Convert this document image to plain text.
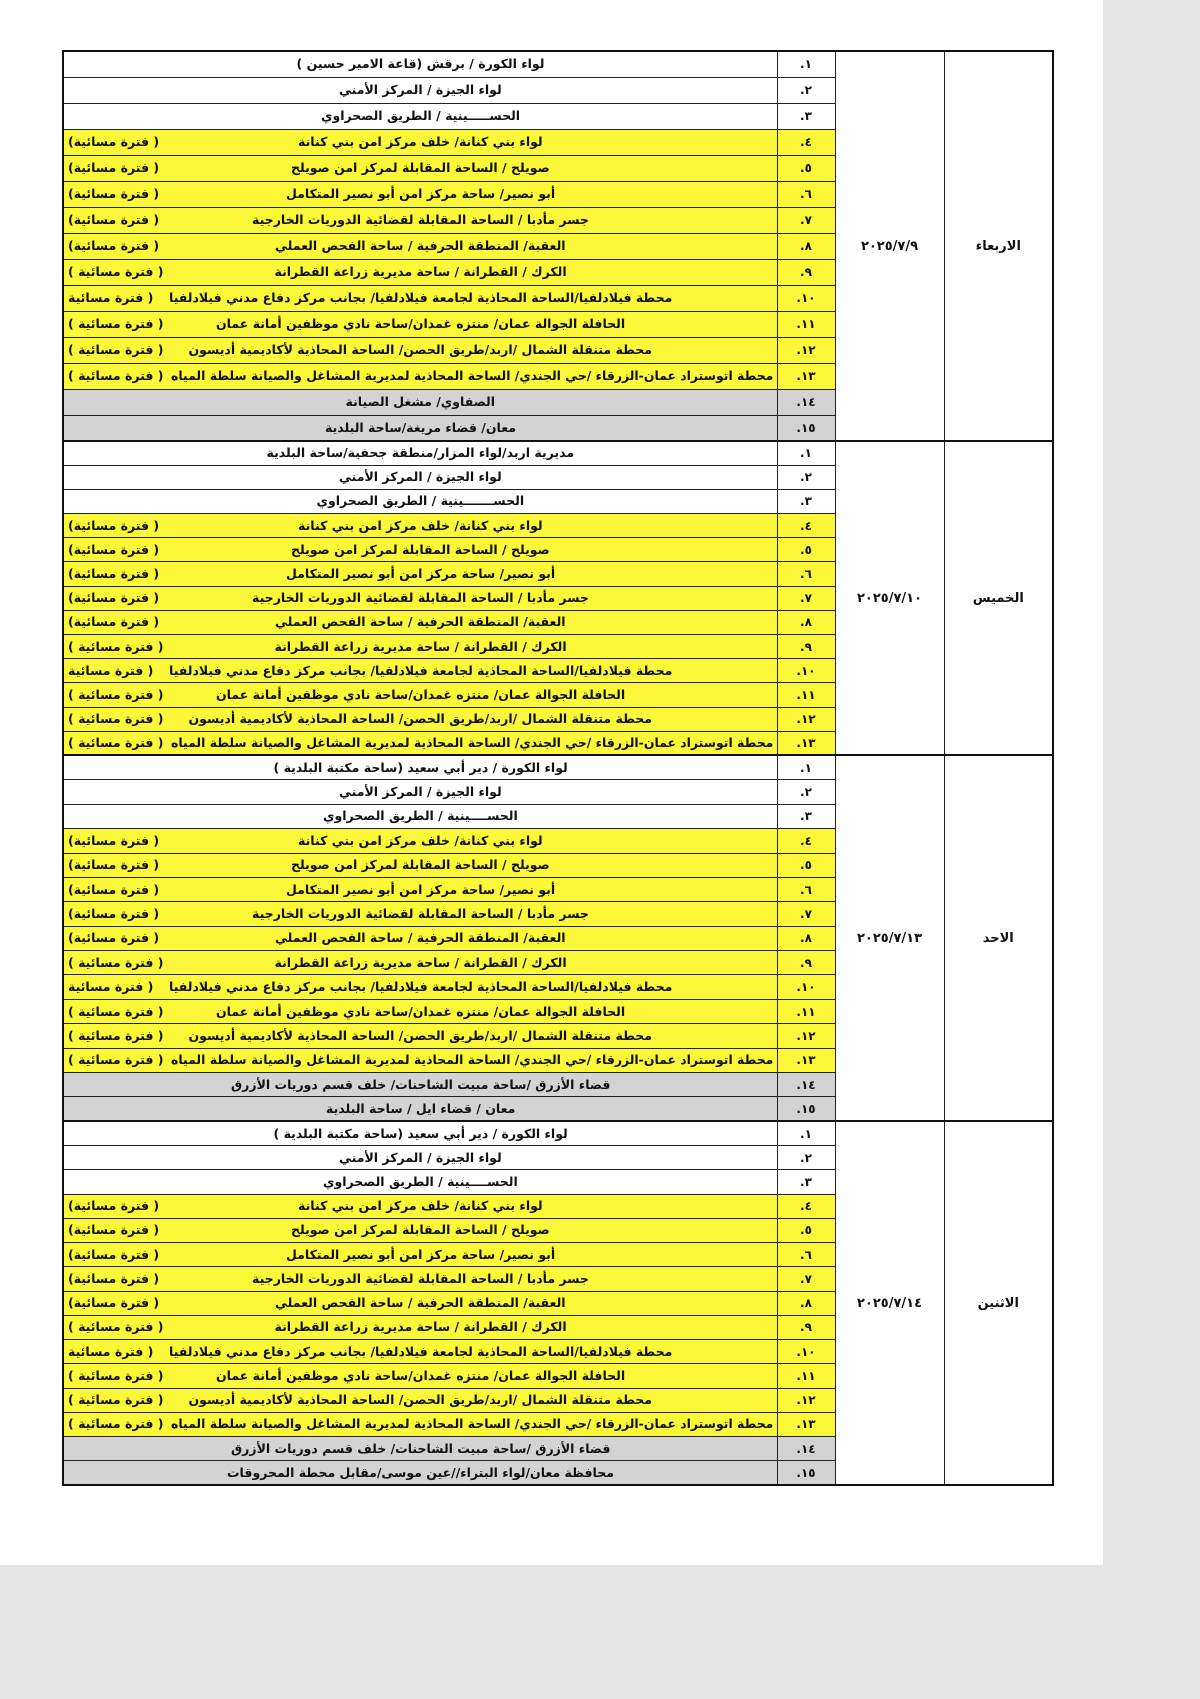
لواء الكورة / برقش (قاعة الامير حسين )	١.	٢٠٢٥/٧/٩	الاربعاء

لواء الجيزة / المركز الأمني	٢.		

الحســـــينية / الطريق الصحراوي	٣.		

( فترة مسائية) لواء بني كنانة/ خلف مركز امن بني كنانة	٤.		

( فترة مسائية) صويلح / الساحة المقابلة لمركز امن صويلح	٥.		

( فترة مسائية) أبو نصير/ ساحة مركز امن أبو نصير المتكامل	٦.		

( فترة مسائية) جسر مأدبا / الساحة المقابلة لقضائية الدوريات الخارجية	٧.		

( فترة مسائية) العقبة/ المنطقة الحرفية / ساحة الفحص العملي	٨.		

( فترة مسائية ) الكرك / القطرانة / ساحة مديرية زراعة القطرانة	٩.		

( فترة مسائية محطة فيلادلفيا/الساحة المحاذية لجامعة فيلادلفيا/ بجانب مركز دفاع مدني فيلادلفيا	١٠.		

( فترة مسائية ) الحافلة الجوالة عمان/ منتزه غمدان/ساحة نادي موظفين أمانة عمان	١١.		

( فترة مسائية ) محطة متنقلة الشمال /اربد/طريق الحصن/ الساحة المحاذية لأكاديمية أديسون	١٢.		

( فترة مسائية ) محطة اتوستراد عمان-الزرقاء /حي الجندي/ الساحة المحاذية لمديرية المشاغل والصيانة سلطة المياه	١٣.		

الصفاوي/ مشغل الصيانة	١٤.		

معان/ قضاء مريغة/ساحة البلدية	١٥.		

مديرية اربد/لواء المزار/منطقة جحفية/ساحة البلدية	١.	٢٠٢٥/٧/١٠	الخميس

لواء الجيزة / المركز الأمني	٢.		

الحســـــــينية / الطريق الصحراوي	٣.		

( فترة مسائية) لواء بني كنانة/ خلف مركز امن بني كنانة	٤.		

( فترة مسائية) صويلح / الساحة المقابلة لمركز امن صويلح	٥.		

( فترة مسائية) أبو نصير/ ساحة مركز امن أبو نصير المتكامل	٦.		

( فترة مسائية) جسر مأدبا / الساحة المقابلة لقضائية الدوريات الخارجية	٧.		

( فترة مسائية) العقبة/ المنطقة الحرفية / ساحة الفحص العملي	٨.		

( فترة مسائية ) الكرك / القطرانة / ساحة مديرية زراعة القطرانة	٩.		

( فترة مسائية محطة فيلادلفيا/الساحة المحاذية لجامعة فيلادلفيا/ بجانب مركز دفاع مدني فيلادلفيا	١٠.		

( فترة مسائية ) الحافلة الجوالة عمان/ منتزه غمدان/ساحة نادي موظفين أمانة عمان	١١.		

( فترة مسائية ) محطة متنقلة الشمال /اربد/طريق الحصن/ الساحة المحاذية لأكاديمية أديسون	١٢.		

( فترة مسائية ) محطة اتوستراد عمان-الزرقاء /حي الجندي/ الساحة المحاذية لمديرية المشاغل والصيانة سلطة المياه	١٣.		

لواء الكورة / دير أبي سعيد (ساحة مكتبة البلدية )	١.	٢٠٢٥/٧/١٣	الاحد

لواء الجيزة / المركز الأمني	٢.		

الحســــينية / الطريق الصحراوي	٣.		

( فترة مسائية) لواء بني كنانة/ خلف مركز امن بني كنانة	٤.		

( فترة مسائية) صويلح / الساحة المقابلة لمركز امن صويلح	٥.		

( فترة مسائية) أبو نصير/ ساحة مركز امن أبو نصير المتكامل	٦.		

( فترة مسائية) جسر مأدبا / الساحة المقابلة لقضائية الدوريات الخارجية	٧.		

( فترة مسائية) العقبة/ المنطقة الحرفية / ساحة الفحص العملي	٨.		

( فترة مسائية ) الكرك / القطرانة / ساحة مديرية زراعة القطرانة	٩.		

( فترة مسائية محطة فيلادلفيا/الساحة المحاذية لجامعة فيلادلفيا/ بجانب مركز دفاع مدني فيلادلفيا	١٠.		

( فترة مسائية ) الحافلة الجوالة عمان/ منتزه غمدان/ساحة نادي موظفين أمانة عمان	١١.		

( فترة مسائية ) محطة متنقلة الشمال /اربد/طريق الحصن/ الساحة المحاذية لأكاديمية أديسون	١٢.		

( فترة مسائية ) محطة اتوستراد عمان-الزرقاء /حي الجندي/ الساحة المحاذية لمديرية المشاغل والصيانة سلطة المياه	١٣.		

قضاء الأزرق /ساحة مبيت الشاحنات/ خلف قسم دوريات الأزرق	١٤.		

معان / قضاء ايل / ساحة البلدية	١٥.		

لواء الكورة / دير أبي سعيد (ساحة مكتبة البلدية )	١.	٢٠٢٥/٧/١٤	الاثنين

لواء الجيزة / المركز الأمني	٢.		

الحســــينية / الطريق الصحراوي	٣.		

( فترة مسائية) لواء بني كنانة/ خلف مركز امن بني كنانة	٤.		

( فترة مسائية) صويلح / الساحة المقابلة لمركز امن صويلح	٥.		

( فترة مسائية) أبو نصير/ ساحة مركز امن أبو نصير المتكامل	٦.		

( فترة مسائية) جسر مأدبا / الساحة المقابلة لقضائية الدوريات الخارجية	٧.		

( فترة مسائية) العقبة/ المنطقة الحرفية / ساحة الفحص العملي	٨.		

( فترة مسائية ) الكرك / القطرانة / ساحة مديرية زراعة القطرانة	٩.		

( فترة مسائية محطة فيلادلفيا/الساحة المحاذية لجامعة فيلادلفيا/ بجانب مركز دفاع مدني فيلادلفيا	١٠.		

( فترة مسائية ) الحافلة الجوالة عمان/ منتزه غمدان/ساحة نادي موظفين أمانة عمان	١١.		

( فترة مسائية ) محطة متنقلة الشمال /اربد/طريق الحصن/ الساحة المحاذية لأكاديمية أديسون	١٢.		

( فترة مسائية ) محطة اتوستراد عمان-الزرقاء /حي الجندي/ الساحة المحاذية لمديرية المشاغل والصيانة سلطة المياه	١٣.		

قضاء الأزرق /ساحة مبيت الشاحنات/ خلف قسم دوريات الأزرق	١٤.		

محافظة معان/لواء البتراء//عين موسى/مقابل محطة المحروقات	١٥.		
